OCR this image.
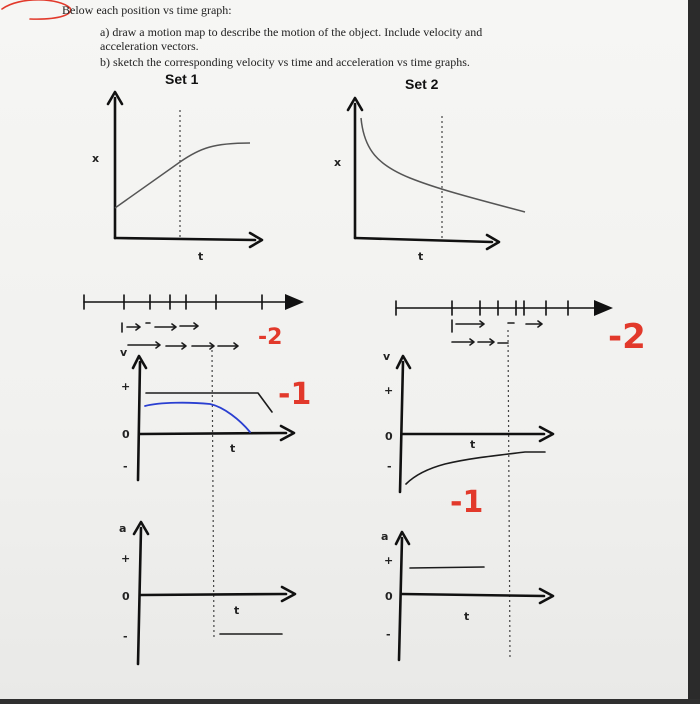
Below each position vs time graph:
a) draw a motion map to describe the motion of the object. Include velocity and
acceleration vectors.
b) sketch the corresponding velocity vs time and acceleration vs time graphs.
Set 1	Set 2
x
t
x
t
-2	-2
v
+
0
-
t
-1
v
+
0
-
t
-1
a
+
0
-
t
a
+
0
-
t
